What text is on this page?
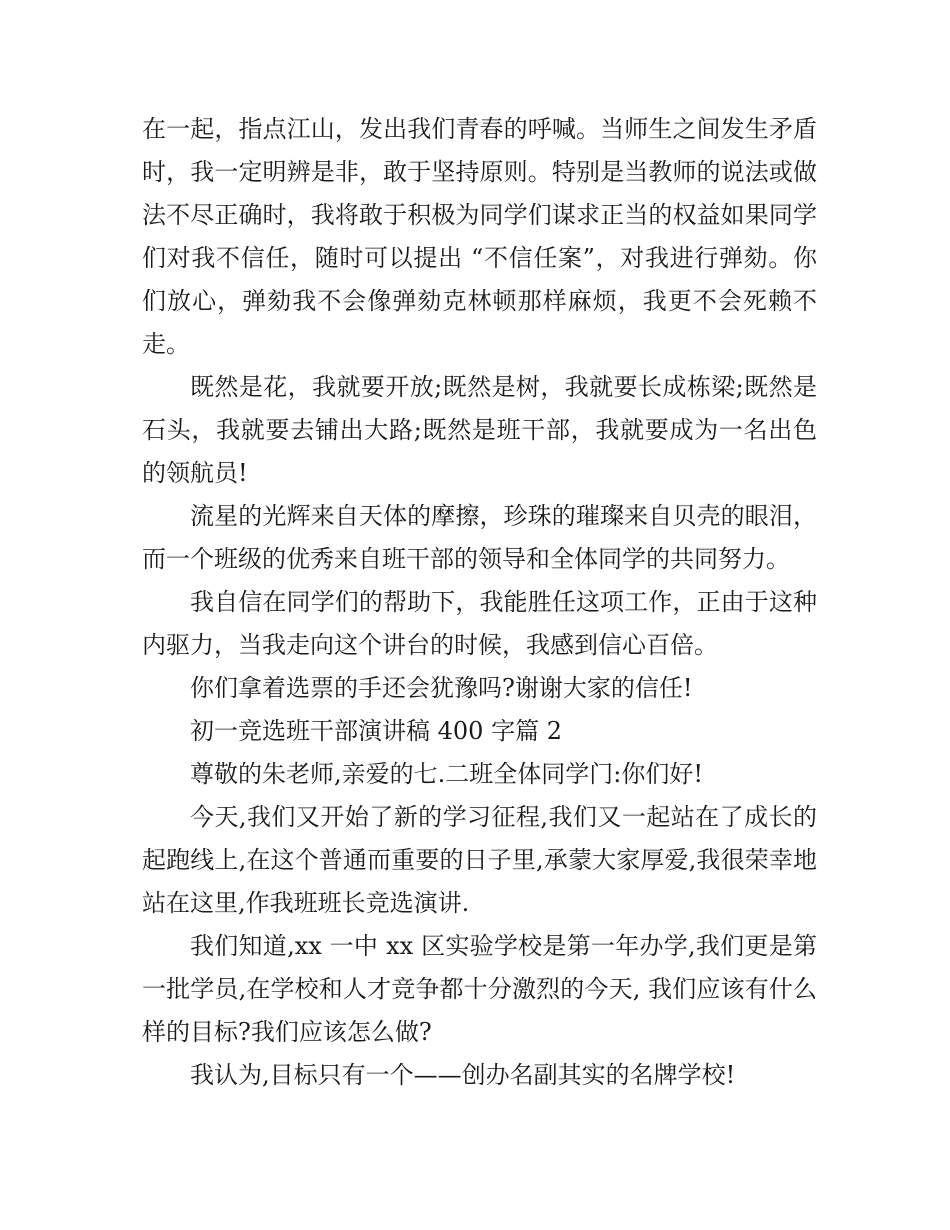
在一起，指点江山，发出我们青春的呼喊。当师生之间发生矛盾时，我一定明辨是非，敢于坚持原则。特别是当教师的说法或做法不尽正确时，我将敢于积极为同学们谋求正当的权益如果同学们对我不信任，随时可以提出 “不信任案”，对我进行弹劾。你们放心，弹劾我不会像弹劾克林顿那样麻烦，我更不会死赖不走。

既然是花，我就要开放;既然是树，我就要长成栋梁;既然是石头，我就要去铺出大路;既然是班干部，我就要成为一名出色的领航员!

流星的光辉来自天体的摩擦，珍珠的璀璨来自贝壳的眼泪，而一个班级的优秀来自班干部的领导和全体同学的共同努力。

我自信在同学们的帮助下，我能胜任这项工作，正由于这种内驱力，当我走向这个讲台的时候，我感到信心百倍。

你们拿着选票的手还会犹豫吗?谢谢大家的信任!

初一竞选班干部演讲稿 400 字篇 2

尊敬的朱老师,亲爱的七.二班全体同学门:你们好!

今天,我们又开始了新的学习征程,我们又一起站在了成长的起跑线上,在这个普通而重要的日子里,承蒙大家厚爱,我很荣幸地站在这里,作我班班长竞选演讲.

我们知道,xx 一中 xx 区实验学校是第一年办学,我们更是第一批学员,在学校和人才竞争都十分激烈的今天, 我们应该有什么样的目标?我们应该怎么做?

我认为,目标只有一个——创办名副其实的名牌学校!
